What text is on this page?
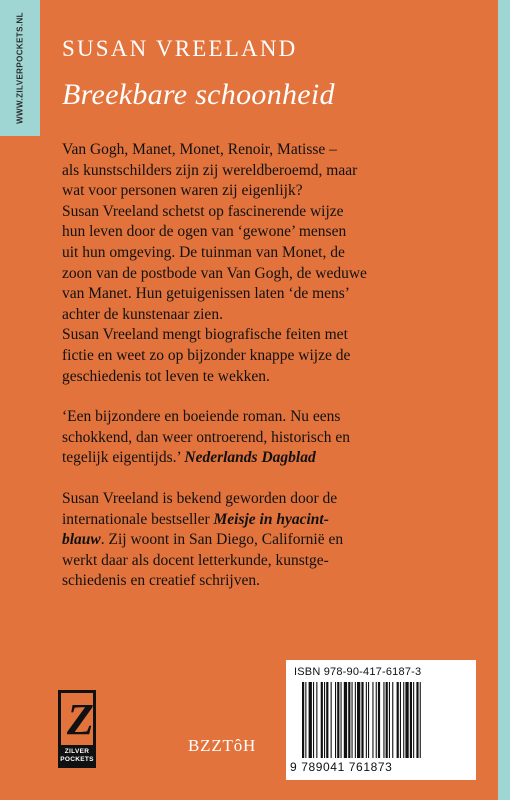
WWW.ZILVERPOCKETS.NL SUSAN VREELAND
Breekbare schoonheid

Van Gogh, Manet, Monet, Renoir, Matisse –
als kunstschilders zijn zij wereldberoemd, maar
wat voor personen waren zij eigenlijk?
Susan Vreeland schetst op fascinerende wijze
hun leven door de ogen van ‘gewone’ mensen
uit hun omgeving. De tuinman van Monet, de
zoon van de postbode van Van Gogh, de weduwe
van Manet. Hun getuigenissen laten ‘de mens’
achter de kunstenaar zien.
Susan Vreeland mengt biografische feiten met
fictie en weet zo op bijzonder knappe wijze de
geschiedenis tot leven te wekken.

‘Een bijzondere en boeiende roman. Nu eens
schokkend, dan weer ontroerend, historisch en
tegelijk eigentijds.’ Nederlands Dagblad

Susan Vreeland is bekend geworden door de
internationale bestseller Meisje in hyacint-
blauw. Zij woont in San Diego, Californië en
werkt daar als docent letterkunde, kunstge-
schiedenis en creatief schrijven.

Z
ZILVER
POCKETS
BZZTôH
ISBN 978-90-417-6187-3
9 789041 761873
